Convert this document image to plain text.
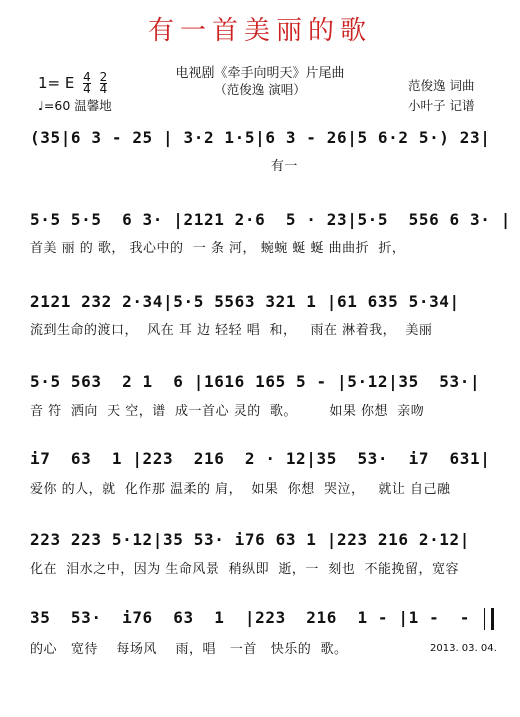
有一首美丽的歌
电视剧《牵手向明天》片尾曲
（范俊逸 演唱）
1= E $\frac{4}{4}$
$\frac{2}{4}$
♩=60 温馨地
范俊逸 词曲
小叶子 记谱
(35|6 3 - 25 | 3·2 1·5|6 3 - 26|5 6·2 5·) 23|
有一
5·5 5·5  6 3· |2121 2·6  5 · 23|5·5  556 6 3· |
首美 丽 的 歌， 我心中的  一 条 河， 蜿蜿 蜒 蜒 曲曲折  折，
2121 232 2·34|5·5 5563 321 1 |61 635 5·34|
流到生命的渡口，  风在 耳 边 轻轻 唱  和，   雨在 淋着我，  美丽
5·5 563  2 1  6 |1616 165 5 - |5·12|35  53·|
音 符  洒向  天 空，谱  成一首心 灵的  歌。       如果 你想  亲吻
i7  63  1 |223  216  2 · 12|35  53·  i7  631|
爱你 的人，就  化作那 温柔的 肩，  如果  你想  哭泣，   就让 自己融
223 223 5·12|35 53· i76 63 1 |223 216 2·12|
化在  泪水之中，因为 生命风景  稍纵即  逝，一  刻也  不能挽留，宽容
35  53·  i76  63  1  |223  216  1 - |1 -  -
的心   宽待    每场风    雨，唱   一首   快乐的  歌。	2013. 03. 04.
